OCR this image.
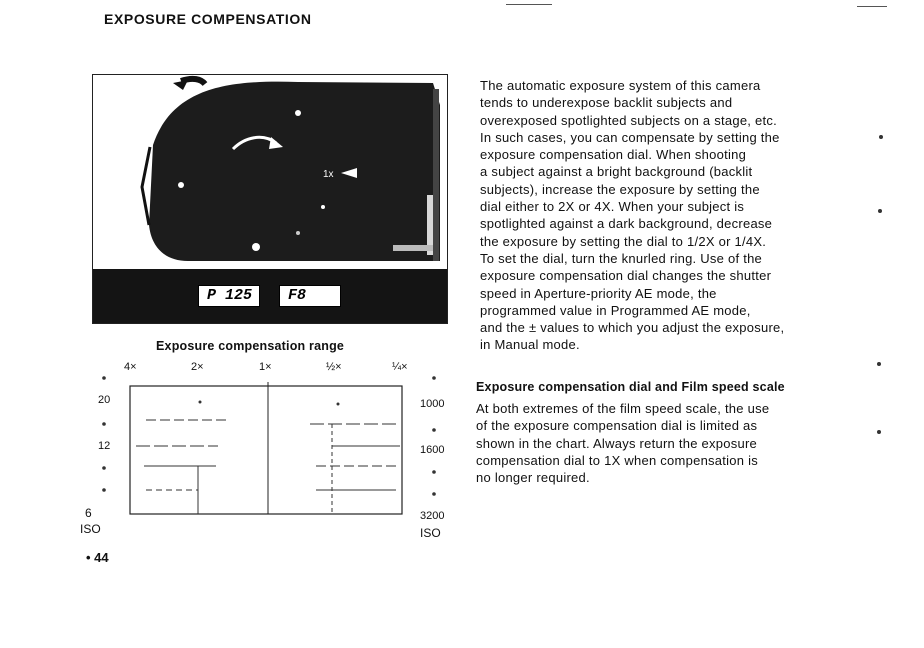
EXPOSURE COMPENSATION
1x
P 125	F8
Exposure compensation range
4×	2×	1×	½×	¼×
20
12
6
ISO
1000
1600
3200
ISO

The automatic exposure system of this camera

tends to underexpose backlit subjects and

overexposed spotlighted subjects on a stage, etc.

In such cases, you can compensate by setting the

exposure compensation dial. When shooting

a subject against a bright background (backlit

subjects), increase the exposure by setting the

dial either to 2X or 4X. When your subject is

spotlighted against a dark background, decrease

the exposure by setting the dial to 1/2X or 1/4X.

To set the dial, turn the knurled ring. Use of the

exposure compensation dial changes the shutter

speed in Aperture-priority AE mode, the

programmed value in Programmed AE mode,

and the ± values to which you adjust the exposure,

in Manual mode.

Exposure compensation dial and Film speed scale

At both extremes of the film speed scale, the use

of the exposure compensation dial is limited as

shown in the chart. Always return the exposure

compensation dial to 1X when compensation is

no longer required.

• 44
